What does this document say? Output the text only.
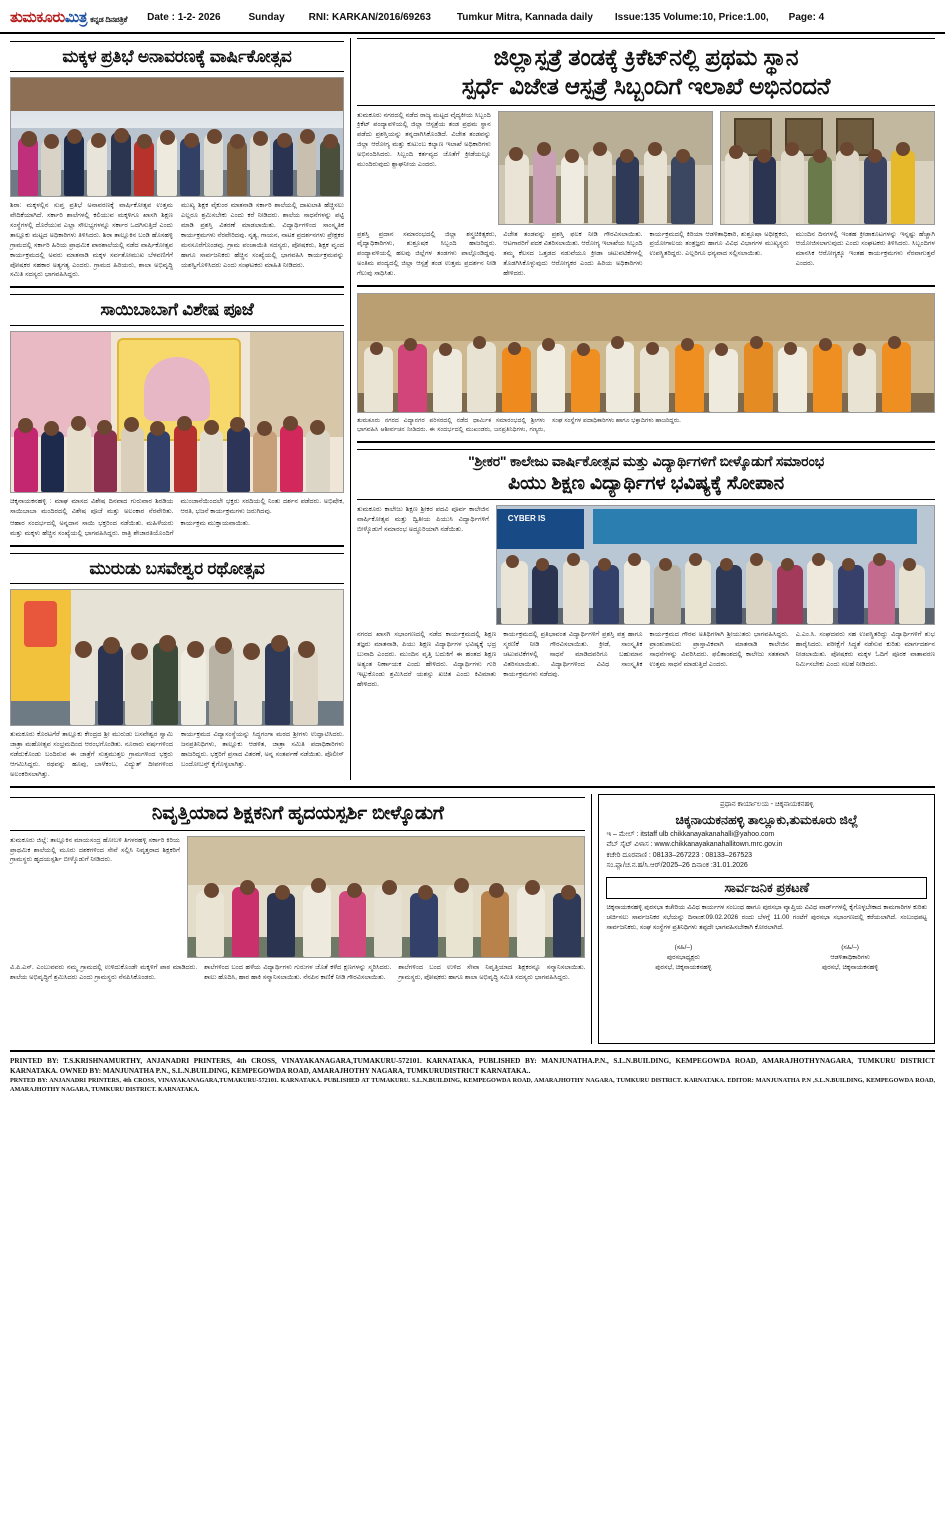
ತುಮಕೂರುಮಿತ್ರ ಕನ್ನಡ ದಿನಪತ್ರಿಕೆ Date : 1-2- 2026	Sunday RNI: KARKAN/2016/69263	Tumkur Mitra, Kannada daily Issue:135 Volume:10, Price:1.00, Page: 4
ಮಕ್ಕಳ ಪ್ರತಿಭೆ ಅನಾವರಣಕ್ಕೆ ವಾರ್ಷಿಕೋತ್ಸವ
ಶಿರಾ: ಮಕ್ಕಳಲ್ಲಿನ ಸುಪ್ತ ಪ್ರತಿಭೆ ಅನಾವರಣಕ್ಕೆ ವಾರ್ಷಿಕೋತ್ಸವ ಉತ್ತಮ ವೇದಿಕೆಯಾಗಿದೆ. ಸರ್ಕಾರಿ ಶಾಲೆಗಳಲ್ಲಿ ಕಲಿಯುವ ಮಕ್ಕಳಿಗೂ ಖಾಸಗಿ ಶಿಕ್ಷಣ ಸಂಸ್ಥೆಗಳಲ್ಲಿ ದೊರೆಯುವ ಎಲ್ಲಾ ಸೌಲಭ್ಯಗಳನ್ನೂ ಸರ್ಕಾರ ಒದಗಿಸುತ್ತಿದೆ ಎಂದು ತಾಲ್ಲೂಕು ಮಟ್ಟದ ಅಧಿಕಾರಿಗಳು ತಿಳಿಸಿದರು. ಶಿರಾ ತಾಲ್ಲೂಕಿನ ಬಂಡಿ ಹೊಸಹಳ್ಳಿ ಗ್ರಾಮದಲ್ಲಿ ಸರ್ಕಾರಿ ಹಿರಿಯ ಪ್ರಾಥಮಿಕ ಪಾಠಶಾಲೆಯಲ್ಲಿ ನಡೆದ ವಾರ್ಷಿಕೋತ್ಸವ ಕಾರ್ಯಕ್ರಮದಲ್ಲಿ ಅವರು ಮಾತನಾಡಿ ಮಕ್ಕಳ ಸರ್ವತೋಮುಖ ಬೆಳವಣಿಗೆಗೆ ಪೋಷಕರ ಸಹಕಾರ ಅತ್ಯಗತ್ಯ ಎಂದರು. ಗ್ರಾಮದ ಹಿರಿಯರು, ಶಾಲಾ ಅಭಿವೃದ್ಧಿ ಸಮಿತಿ ಸದಸ್ಯರು ಭಾಗವಹಿಸಿದ್ದರು.
ಮುಖ್ಯ ಶಿಕ್ಷಕ ವೈಕುಂಠ ಮಾತನಾಡಿ ಸರ್ಕಾರಿ ಶಾಲೆಯಲ್ಲಿ ದಾಖಲಾತಿ ಹೆಚ್ಚಿಸಲು ಎಲ್ಲರೂ ಶ್ರಮಿಸಬೇಕು ಎಂದು ಕರೆ ನೀಡಿದರು. ಶಾಲೆಯ ಸಾಧನೆಗಳನ್ನು ಪಟ್ಟಿ ಮಾಡಿ ಪ್ರಶಸ್ತಿ ವಿತರಣೆ ಮಾಡಲಾಯಿತು. ವಿದ್ಯಾರ್ಥಿಗಳಿಂದ ಸಾಂಸ್ಕೃತಿಕ ಕಾರ್ಯಕ್ರಮಗಳು ನೆರವೇರಿದವು. ನೃತ್ಯ, ಗಾಯನ, ನಾಟಕ ಪ್ರದರ್ಶನಗಳು ಪ್ರೇಕ್ಷಕರ ಮನಸೂರೆಗೊಂಡವು. ಗ್ರಾಮ ಪಂಚಾಯಿತಿ ಸದಸ್ಯರು, ಪೋಷಕರು, ಶಿಕ್ಷಕ ವೃಂದ ಹಾಗೂ ಸಾರ್ವಜನಿಕರು ಹೆಚ್ಚಿನ ಸಂಖ್ಯೆಯಲ್ಲಿ ಭಾಗವಹಿಸಿ ಕಾರ್ಯಕ್ರಮವನ್ನು ಯಶಸ್ವಿಗೊಳಿಸಿದರು ಎಂದು ಸಂಘಟಕರು ಮಾಹಿತಿ ನೀಡಿದರು.
ಸಾಯಿಬಾಬಾಗೆ ವಿಶೇಷ ಪೂಜೆ
ಚಿಕ್ಕನಾಯಕನಹಳ್ಳಿ : ಮಾಘ ಮಾಸದ ವಿಶೇಷ ದಿನವಾದ ಗುರುವಾರ ಶಿರಡಿಯ ಸಾಯಿಬಾಬಾ ಮಂದಿರದಲ್ಲಿ ವಿಶೇಷ ಪೂಜೆ ಮತ್ತು ಅಲಂಕಾರ ನೆರವೇರಿತು. ಮುಂಜಾನೆಯಿಂದಲೇ ಭಕ್ತರು ಸರದಿಯಲ್ಲಿ ನಿಂತು ದರ್ಶನ ಪಡೆದರು. ಅಭಿಷೇಕ, ಆರತಿ, ಭಜನೆ ಕಾರ್ಯಕ್ರಮಗಳು ಜರುಗಿದವು.
ಆಹಾರ ಸಂದರ್ಭದಲ್ಲಿ ಅನ್ನದಾನ ಸಾಯಿ ಭಕ್ತರಿಂದ ನಡೆಯಿತು. ಮಹಿಳೆಯರು ಮತ್ತು ಮಕ್ಕಳು ಹೆಚ್ಚಿನ ಸಂಖ್ಯೆಯಲ್ಲಿ ಭಾಗವಹಿಸಿದ್ದರು. ರಾತ್ರಿ ಶೇಜಾರತಿಯೊಂದಿಗೆ ಕಾರ್ಯಕ್ರಮ ಮುಕ್ತಾಯವಾಯಿತು.
ಮುರುಡು ಬಸವೇಶ್ವರ ರಥೋತ್ಸವ
ತುಮಕೂರು ಕೊರಟಗೆರೆ ತಾಲ್ಲೂಕು ಕೇಂದ್ರದ ಶ್ರೀ ಮುರುಡು ಬಸವೇಶ್ವರ ಸ್ವಾಮಿ ಜಾತ್ರಾ ಮಹೋತ್ಸವ ಸಂಭ್ರಮದಿಂದ ಆರಂಭಗೊಂಡಿತು. ನೂರಾರು ವರ್ಷಗಳಿಂದ ನಡೆದುಕೊಂಡು ಬಂದಿರುವ ಈ ಜಾತ್ರೆಗೆ ಸುತ್ತಮುತ್ತಲ ಗ್ರಾಮಗಳಿಂದ ಭಕ್ತರು ಆಗಮಿಸಿದ್ದರು. ರಥವನ್ನು ಹೂವು, ಬಾಳೆಕಂಬ, ವಿದ್ಯುತ್ ದೀಪಗಳಿಂದ ಅಲಂಕರಿಸಲಾಗಿತ್ತು.
ಕಾರ್ಯಕ್ರಮದ ವಿದ್ಯಾಸಂಸ್ಥೆಯನ್ನು ಸಿದ್ಧಗಂಗಾ ಮಠದ ಶ್ರೀಗಳು ಉದ್ಘಾಟಿಸಿದರು. ಜನಪ್ರತಿನಿಧಿಗಳು, ತಾಲ್ಲೂಕು ಆಡಳಿತ, ಜಾತ್ರಾ ಸಮಿತಿ ಪದಾಧಿಕಾರಿಗಳು ಹಾಜರಿದ್ದರು. ಭಕ್ತರಿಗೆ ಪ್ರಸಾದ ವಿತರಣೆ, ಅನ್ನ ಸಂತರ್ಪಣೆ ನಡೆಯಿತು. ಪೊಲೀಸ್ ಬಂದೋಬಸ್ತ್ ಕೈಗೊಳ್ಳಲಾಗಿತ್ತು.
ಜಿಲ್ಲಾಸ್ಪತ್ರೆ ತಂಡಕ್ಕೆ ಕ್ರಿಕೆಟ್‌ನಲ್ಲಿ ಪ್ರಥಮ ಸ್ಥಾನ
ಸ್ಪರ್ಧೆ ವಿಜೇತ ಆಸ್ಪತ್ರೆ ಸಿಬ್ಬಂದಿಗೆ ಇಲಾಖೆ ಅಭಿನಂದನೆ
ತುಮಕೂರು ನಗರದಲ್ಲಿ ನಡೆದ ರಾಜ್ಯ ಮಟ್ಟದ ವೈದ್ಯಕೀಯ ಸಿಬ್ಬಂದಿ ಕ್ರಿಕೆಟ್ ಪಂದ್ಯಾವಳಿಯಲ್ಲಿ ಜಿಲ್ಲಾ ಆಸ್ಪತ್ರೆಯ ತಂಡ ಪ್ರಥಮ ಸ್ಥಾನ ಪಡೆದು ಪ್ರಶಸ್ತಿಯನ್ನು ತನ್ನದಾಗಿಸಿಕೊಂಡಿದೆ. ವಿಜೇತ ತಂಡವನ್ನು ಜಿಲ್ಲಾ ಆರೋಗ್ಯ ಮತ್ತು ಕುಟುಂಬ ಕಲ್ಯಾಣ ಇಲಾಖೆ ಅಧಿಕಾರಿಗಳು ಅಭಿನಂದಿಸಿದರು. ಸಿಬ್ಬಂದಿ ಕರ್ತವ್ಯದ ಜೊತೆಗೆ ಕ್ರೀಡೆಯಲ್ಲೂ ಮುಂದಿರುವುದು ಶ್ಲಾಘನೀಯ ಎಂದರು.
ಪ್ರಶಸ್ತಿ ಪ್ರದಾನ ಸಮಾರಂಭದಲ್ಲಿ ಜಿಲ್ಲಾ ಶಸ್ತ್ರಚಿಕಿತ್ಸಕರು, ವೈದ್ಯಾಧಿಕಾರಿಗಳು, ಶುಶ್ರೂಷಕ ಸಿಬ್ಬಂದಿ ಹಾಜರಿದ್ದರು. ಪಂದ್ಯಾವಳಿಯಲ್ಲಿ ಹಲವು ಜಿಲ್ಲೆಗಳ ತಂಡಗಳು ಪಾಲ್ಗೊಂಡಿದ್ದವು. ಅಂತಿಮ ಪಂದ್ಯದಲ್ಲಿ ಜಿಲ್ಲಾ ಆಸ್ಪತ್ರೆ ತಂಡ ಉತ್ತಮ ಪ್ರದರ್ಶನ ನೀಡಿ ಗೆಲುವು ಸಾಧಿಸಿತು.
ವಿಜೇತ ತಂಡವನ್ನು ಪ್ರಶಸ್ತಿ ಫಲಕ ನೀಡಿ ಗೌರವಿಸಲಾಯಿತು. ಆಟಗಾರರಿಗೆ ಪದಕ ವಿತರಿಸಲಾಯಿತು. ಆರೋಗ್ಯ ಇಲಾಖೆಯ ಸಿಬ್ಬಂದಿ ತಮ್ಮ ಕೆಲಸದ ಒತ್ತಡದ ನಡುವೆಯೂ ಕ್ರೀಡಾ ಚಟುವಟಿಕೆಗಳಲ್ಲಿ ತೊಡಗಿಸಿಕೊಳ್ಳುವುದು ಆರೋಗ್ಯಕರ ಎಂದು ಹಿರಿಯ ಅಧಿಕಾರಿಗಳು ಹೇಳಿದರು.
ಕಾರ್ಯಕ್ರಮದಲ್ಲಿ ಕಿರಿಯಾ ಆಡಳಿತಾಧಿಕಾರಿ, ಶುಶ್ರೂಷಾ ಅಧೀಕ್ಷಕರು, ಪ್ರಯೋಗಾಲಯ ತಂತ್ರಜ್ಞರು ಹಾಗೂ ವಿವಿಧ ವಿಭಾಗಗಳ ಮುಖ್ಯಸ್ಥರು ಉಪಸ್ಥಿತರಿದ್ದರು. ಎಲ್ಲರಿಗೂ ಧನ್ಯವಾದ ಸಲ್ಲಿಸಲಾಯಿತು.
ಮುಂದಿನ ದಿನಗಳಲ್ಲಿ ಇಂತಹ ಕ್ರೀಡಾಕೂಟಗಳನ್ನು ಇನ್ನಷ್ಟು ಹೆಚ್ಚಾಗಿ ಆಯೋಜಿಸಲಾಗುವುದು ಎಂದು ಸಂಘಟಕರು ತಿಳಿಸಿದರು. ಸಿಬ್ಬಂದಿಗಳ ಮಾನಸಿಕ ಆರೋಗ್ಯಕ್ಕೂ ಇಂತಹ ಕಾರ್ಯಕ್ರಮಗಳು ನೆರವಾಗುತ್ತವೆ ಎಂದರು.
ತುಮಕೂರು ನಗರದ ವಿದ್ಯಾನಗರ ಪರಿಸರದಲ್ಲಿ ನಡೆದ ಧಾರ್ಮಿಕ ಸಮಾರಂಭದಲ್ಲಿ ಶ್ರೀಗಳು ಭಾಗವಹಿಸಿ ಆಶೀರ್ವಚನ ನೀಡಿದರು. ಈ ಸಂದರ್ಭದಲ್ಲಿ ಮುಖಂಡರು, ಜನಪ್ರತಿನಿಧಿಗಳು, ಗಣ್ಯರು, ಸಂಘ ಸಂಸ್ಥೆಗಳ ಪದಾಧಿಕಾರಿಗಳು ಹಾಗೂ ಭಕ್ತಾದಿಗಳು ಹಾಜರಿದ್ದರು.
"ಶ್ರೀಕರ" ಕಾಲೇಜು ವಾರ್ಷಿಕೋತ್ಸವ ಮತ್ತು ವಿದ್ಯಾರ್ಥಿಗಳಿಗೆ ಬೀಳ್ಕೊಡುಗೆ ಸಮಾರಂಭ
ಪಿಯು ಶಿಕ್ಷಣ ವಿದ್ಯಾರ್ಥಿಗಳ ಭವಿಷ್ಯಕ್ಕೆ ಸೋಪಾನ
ತುಮಕೂರು ಕಾಲೇಜು ಶಿಕ್ಷಣ ಶ್ರೀಕರ ಪದವಿ ಪೂರ್ವ ಕಾಲೇಜಿನ ವಾರ್ಷಿಕೋತ್ಸವ ಮತ್ತು ದ್ವಿತೀಯ ಪಿಯುಸಿ ವಿದ್ಯಾರ್ಥಿಗಳಿಗೆ ಬೀಳ್ಕೊಡುಗೆ ಸಮಾರಂಭ ಅದ್ಧೂರಿಯಾಗಿ ನಡೆಯಿತು.
CYBER IS
ನಗರದ ಖಾಸಗಿ ಸಭಾಂಗಣದಲ್ಲಿ ನಡೆದ ಕಾರ್ಯಕ್ರಮದಲ್ಲಿ ಶಿಕ್ಷಣ ತಜ್ಞರು ಮಾತನಾಡಿ, ಪಿಯು ಶಿಕ್ಷಣ ವಿದ್ಯಾರ್ಥಿಗಳ ಭವಿಷ್ಯಕ್ಕೆ ಭದ್ರ ಬುನಾದಿ ಎಂದರು. ಮುಂದಿನ ವೃತ್ತಿ ಬದುಕಿಗೆ ಈ ಹಂತದ ಶಿಕ್ಷಣ ಅತ್ಯಂತ ನಿರ್ಣಾಯಕ ಎಂದು ಹೇಳಿದರು. ವಿದ್ಯಾರ್ಥಿಗಳು ಗುರಿ ಇಟ್ಟುಕೊಂಡು ಶ್ರಮಿಸಿದರೆ ಯಶಸ್ಸು ಖಚಿತ ಎಂದು ಕಿವಿಮಾತು ಹೇಳಿದರು.
ಕಾರ್ಯಕ್ರಮದಲ್ಲಿ ಪ್ರತಿಭಾವಂತ ವಿದ್ಯಾರ್ಥಿಗಳಿಗೆ ಪ್ರಶಸ್ತಿ ಪತ್ರ ಹಾಗೂ ಸ್ಮರಣಿಕೆ ನೀಡಿ ಗೌರವಿಸಲಾಯಿತು. ಕ್ರೀಡೆ, ಸಾಂಸ್ಕೃತಿಕ ಚಟುವಟಿಕೆಗಳಲ್ಲಿ ಸಾಧನೆ ಮಾಡಿದವರಿಗೂ ಬಹುಮಾನ ವಿತರಿಸಲಾಯಿತು. ವಿದ್ಯಾರ್ಥಿಗಳಿಂದ ವಿವಿಧ ಸಾಂಸ್ಕೃತಿಕ ಕಾರ್ಯಕ್ರಮಗಳು ನಡೆದವು.
ಕಾರ್ಯಕ್ರಮದ ಗೌರವ ಅತಿಥಿಗಳಾಗಿ ಶ್ರೀಯುತರು ಭಾಗವಹಿಸಿದ್ದರು. ಪ್ರಾಂಶುಪಾಲರು ಪ್ರಾಸ್ತಾವಿಕವಾಗಿ ಮಾತನಾಡಿ ಕಾಲೇಜಿನ ಸಾಧನೆಗಳನ್ನು ವಿವರಿಸಿದರು. ಫಲಿತಾಂಶದಲ್ಲಿ ಕಾಲೇಜು ಸತತವಾಗಿ ಉತ್ತಮ ಸಾಧನೆ ಮಾಡುತ್ತಿದೆ ಎಂದರು.
ಎ.ಎಂ.ಸಿ. ಸಂಘದವರು ಸಹ ಉಪಸ್ಥಿತರಿದ್ದು ವಿದ್ಯಾರ್ಥಿಗಳಿಗೆ ಶುಭ ಹಾರೈಸಿದರು. ಪರೀಕ್ಷೆಗೆ ಸಿದ್ಧತೆ ನಡೆಸುವ ಕುರಿತು ಮಾರ್ಗದರ್ಶನ ನೀಡಲಾಯಿತು. ಪೋಷಕರು ಮಕ್ಕಳ ಓದಿಗೆ ಪೂರಕ ವಾತಾವರಣ ನಿರ್ಮಿಸಬೇಕು ಎಂದು ಸಲಹೆ ನೀಡಿದರು.
ನಿವೃತ್ತಿಯಾದ ಶಿಕ್ಷಕನಿಗೆ ಹೃದಯಸ್ಪರ್ಶಿ ಬೀಳ್ಕೊಡುಗೆ
ತುಮಕೂರು ಜಿಲ್ಲೆ: ತಾಲ್ಲೂಕಿನ ಮಾಯಸಂದ್ರ ಹೋಬಳಿ ತಿಗಳರಹಳ್ಳಿ ಸರ್ಕಾರಿ ಕಿರಿಯ ಪ್ರಾಥಮಿಕ ಶಾಲೆಯಲ್ಲಿ ಮೂರು ದಶಕಗಳಿಂದ ಸೇವೆ ಸಲ್ಲಿಸಿ ನಿವೃತ್ತರಾದ ಶಿಕ್ಷಕರಿಗೆ ಗ್ರಾಮಸ್ಥರು ಹೃದಯಸ್ಪರ್ಶಿ ಬೀಳ್ಕೊಡುಗೆ ನೀಡಿದರು.
ವಿ.ಪಿ.ಎಸ್. ಎಂಬುವವರು ನಮ್ಮ ಗ್ರಾಮದಲ್ಲಿ ಉಳಿದುಕೊಂಡೇ ಮಕ್ಕಳಿಗೆ ಪಾಠ ಮಾಡಿದರು. ಶಾಲೆಯ ಅಭಿವೃದ್ಧಿಗೆ ಶ್ರಮಿಸಿದರು ಎಂದು ಗ್ರಾಮಸ್ಥರು ನೆನಪಿಸಿಕೊಂಡರು.
ಶಾಲೆಗಳಿಂದ ಬಂದ ಹಳೆಯ ವಿದ್ಯಾರ್ಥಿಗಳು ಗುರುಗಳ ಜೊತೆ ಕಳೆದ ಕ್ಷಣಗಳನ್ನು ಸ್ಮರಿಸಿದರು. ಶಾಲು ಹೊದಿಸಿ, ಹಾರ ಹಾಕಿ ಸನ್ಮಾನಿಸಲಾಯಿತು. ನೆನಪಿನ ಕಾಣಿಕೆ ನೀಡಿ ಗೌರವಿಸಲಾಯಿತು.
ಶಾಲೆಗಳಿಂದ ಬಂದ ಉಳಿದ ಸೇವಾ ನಿವೃತ್ತಿಯಾದ ಶಿಕ್ಷಕರನ್ನೂ ಸನ್ಮಾನಿಸಲಾಯಿತು. ಗ್ರಾಮಸ್ಥರು, ಪೋಷಕರು ಹಾಗೂ ಶಾಲಾ ಅಭಿವೃದ್ಧಿ ಸಮಿತಿ ಸದಸ್ಯರು ಭಾಗವಹಿಸಿದ್ದರು.
ಪ್ರಧಾನ ಕಾರ್ಯಾಲಯ - ಚಿಕ್ಕನಾಯಕನಹಳ್ಳಿ
ಚಿಕ್ಕನಾಯಕನಹಳ್ಳಿ ತಾಲ್ಲೂಕು,ತುಮಕೂರು ಜಿಲ್ಲೆ
ಇ – ಮೇಲ್ : itstaff ulb chikkanayakanahalli@yahoo.com
ವೆಬ್ ಸೈಟ್ ವಿಳಾಸ : www.chikkanayakanahallitown.mrc.gov.in
ಕಚೇರಿ ದೂರವಾಣಿ : 08133–267223 : 08133–267523
ಸಂ.ಪ್ಲಾ/ಚ.ನ.ಹ/ಸಿ.ಆರ್/2025–26 ದಿನಾಂಕ :31.01.2026
ಸಾರ್ವಜನಿಕ ಪ್ರಕಟಣೆ
ಚಿಕ್ಕನಾಯಕನಹಳ್ಳಿ ಪುರಸಭಾ ಕಚೇರಿಯ ವಿವಿಧ ಕಾರ್ಯಗಳ ಸಂಬಂಧ ಹಾಗೂ ಪುರಸಭಾ ವ್ಯಾಪ್ತಿಯ ವಿವಿಧ ವಾರ್ಡ್‌ಗಳಲ್ಲಿ ಕೈಗೊಳ್ಳಬೇಕಾದ ಕಾಮಗಾರಿಗಳ ಕುರಿತು ಚರ್ಚಿಸಲು ಸಾರ್ವಜನಿಕರ ಸಭೆಯನ್ನು ದಿನಾಂಕ:09.02.2026 ರಂದು ಬೆಳಗ್ಗೆ 11.00 ಗಂಟೆಗೆ ಪುರಸಭಾ ಸಭಾಂಗಣದಲ್ಲಿ ಕರೆಯಲಾಗಿದೆ. ಸಂಬಂಧಪಟ್ಟ ಸಾರ್ವಜನಿಕರು, ಸಂಘ ಸಂಸ್ಥೆಗಳ ಪ್ರತಿನಿಧಿಗಳು ತಪ್ಪದೇ ಭಾಗವಹಿಸಬೇಕಾಗಿ ಕೋರಲಾಗಿದೆ.
(ಸಹಿ/–)
ಪುರಸಭಾಧ್ಯಕ್ಷರು
ಪುರಸಭೆ, ಚಿಕ್ಕನಾಯಕನಹಳ್ಳಿ
(ಸಹಿ/–)
ಆಡಳಿತಾಧಿಕಾರಿಗಳು
ಪುರಸಭೆ, ಚಿಕ್ಕನಾಯಕನಹಳ್ಳಿ
PRINTED BY: T.S.KRISHNAMURTHY, ANJANADRI PRINTERS, 4th CROSS, VINAYAKANAGARA,TUMAKURU-572101. KARNATAKA, PUBLISHED BY: MANJUNATHA.P.N., S.L.N.BUILDING, KEMPEGOWDA ROAD, AMARAJHOTHYNAGARA, TUMKURU DISTRICT KARNATAKA. OWNED BY: MANJUNATHA P.N., S.L.N.BUILDING, KEMPEGOWDA ROAD, AMARAJHOTHY NAGARA, TUMKURUDISTRICT KARNATAKA..
PRNTED BY: ANJANADRI PRINTERS, 4th CROSS, VINAYAKANAGARA,TUMAKURU-572101. KARNATAKA. PUBLISHED AT TUMAKURU. S.L.N.BUILDING, KEMPEGOWDA ROAD, AMARAJHOTHY NAGARA, TUMKURU DISTRICT. KARNATAKA. EDITOR: MANJUNATHA P.N ,S.L.N.BUILDING, KEMPEGOWDA ROAD, AMARAJHOTHY NAGARA, TUMKURU DISTRICT. KARNATAKA.
